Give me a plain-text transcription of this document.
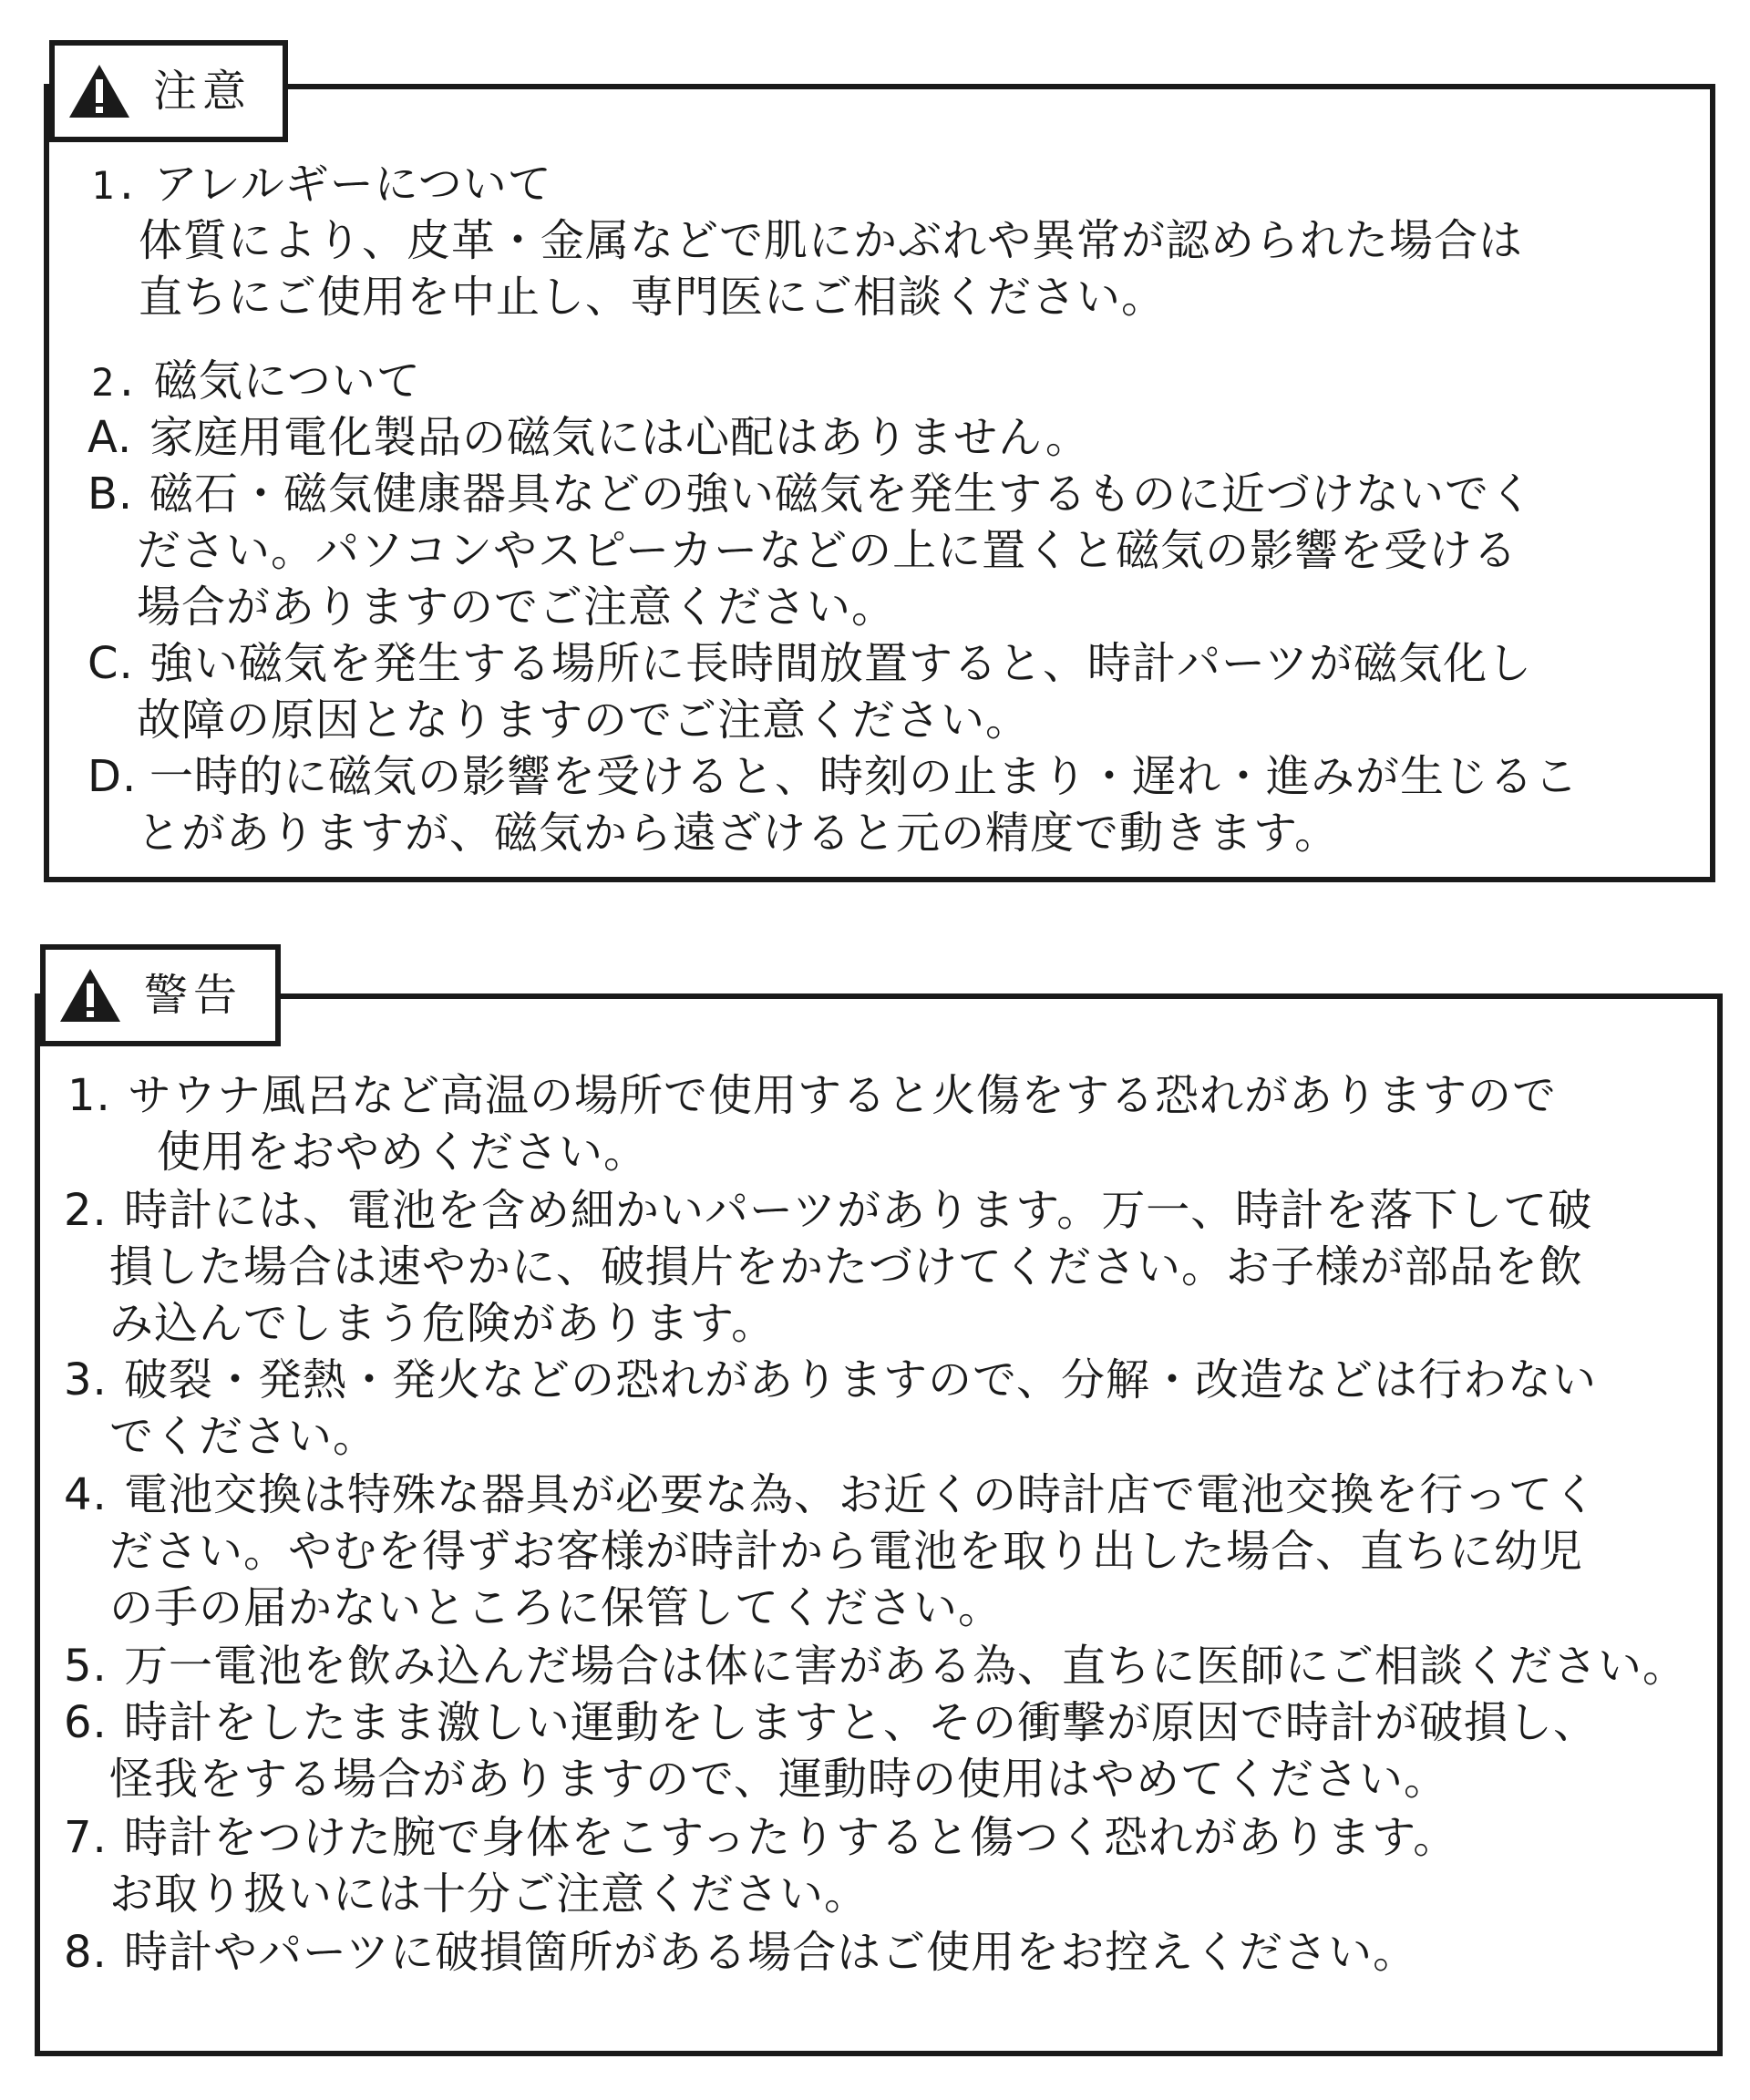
注意
1. アレルギーについて
体質により、皮革・金属などで肌にかぶれや異常が認められた場合は
直ちにご使用を中止し、専門医にご相談ください。
2. 磁気について
A. 家庭用電化製品の磁気には心配はありません。
B. 磁石・磁気健康器具などの強い磁気を発生するものに近づけないでく
ださい。パソコンやスピーカーなどの上に置くと磁気の影響を受ける
場合がありますのでご注意ください。
C. 強い磁気を発生する場所に長時間放置すると、時計パーツが磁気化し
故障の原因となりますのでご注意ください。
D. 一時的に磁気の影響を受けると、時刻の止まり・遅れ・進みが生じるこ
とがありますが、磁気から遠ざけると元の精度で動きます。
警告
1. サウナ風呂など高温の場所で使用すると火傷をする恐れがありますので
使用をおやめください。
2. 時計には、電池を含め細かいパーツがあります。万一、時計を落下して破
損した場合は速やかに、破損片をかたづけてください。お子様が部品を飲
み込んでしまう危険があります。
3. 破裂・発熱・発火などの恐れがありますので、分解・改造などは行わない
でください。
4. 電池交換は特殊な器具が必要な為、お近くの時計店で電池交換を行ってく
ださい。やむを得ずお客様が時計から電池を取り出した場合、直ちに幼児
の手の届かないところに保管してください。
5. 万一電池を飲み込んだ場合は体に害がある為、直ちに医師にご相談ください。
6. 時計をしたまま激しい運動をしますと、その衝撃が原因で時計が破損し、
怪我をする場合がありますので、運動時の使用はやめてください。
7. 時計をつけた腕で身体をこすったりすると傷つく恐れがあります。
お取り扱いには十分ご注意ください。
8. 時計やパーツに破損箇所がある場合はご使用をお控えください。
